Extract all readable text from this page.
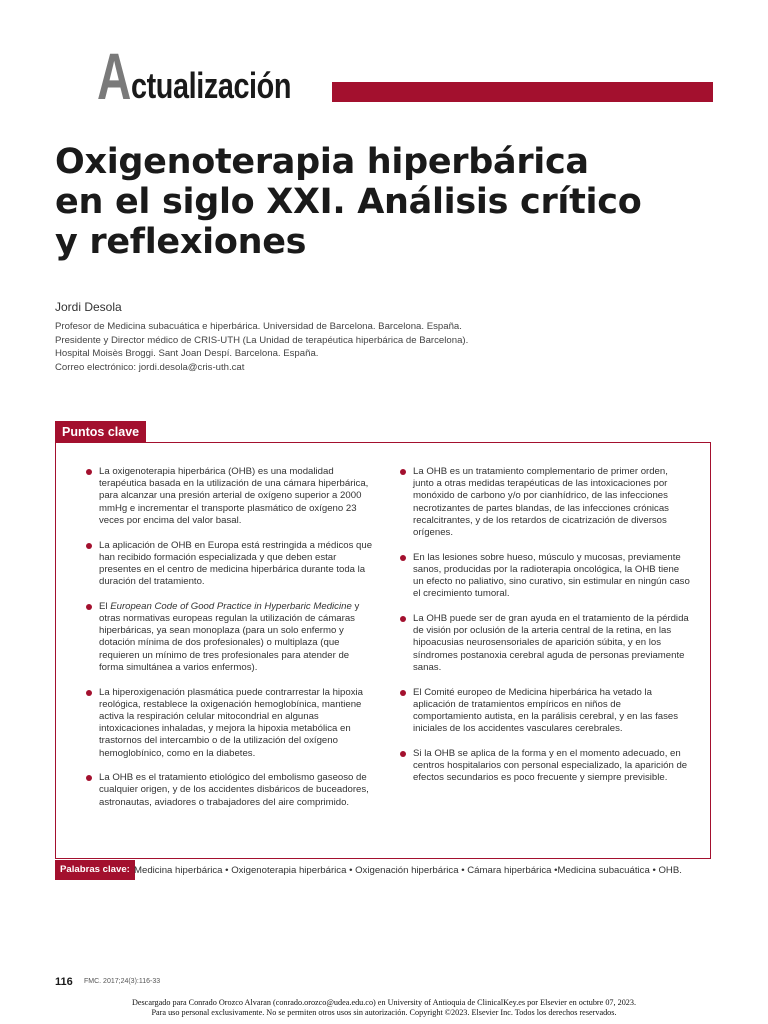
A ctualización
Oxigenoterapia hiperbárica
en el siglo XXI. Análisis crítico
y reflexiones
Jordi Desola
Profesor de Medicina subacuática e hiperbárica. Universidad de Barcelona. Barcelona. España.
Presidente y Director médico de CRIS-UTH (La Unidad de terapéutica hiperbárica de Barcelona).
Hospital Moisès Broggi. Sant Joan Despí. Barcelona. España.
Correo electrónico: jordi.desola@cris-uth.cat
Puntos clave
La oxigenoterapia hiperbárica (OHB) es una modalidad terapéutica basada en la utilización de una cámara hiperbárica, para alcanzar una presión arterial de oxígeno superior a 2000 mmHg e incrementar el transporte plasmático de oxígeno 23 veces por encima del valor basal.
La aplicación de OHB en Europa está restringida a médicos que han recibido formación especializada y que deben estar presentes en el centro de medicina hiperbárica durante toda la duración del tratamiento.
El European Code of Good Practice in Hyperbaric Medicine y otras normativas europeas regulan la utilización de cámaras hiperbáricas, ya sean monoplaza (para un solo enfermo y dotación mínima de dos profesionales) o multiplaza (que requieren un mínimo de tres profesionales para atender de forma simultánea a varios enfermos).
La hiperoxigenación plasmática puede contrarrestar la hipoxia reológica, restablece la oxigenación hemoglobínica, mantiene activa la respiración celular mitocondrial en algunas intoxicaciones inhaladas, y mejora la hipoxia metabólica en trastornos del intercambio o de la utilización del oxígeno hemoglobínico, como en la diabetes.
La OHB es el tratamiento etiológico del embolismo gaseoso de cualquier origen, y de los accidentes disbáricos de buceadores, astronautas, aviadores o trabajadores del aire comprimido.
La OHB es un tratamiento complementario de primer orden, junto a otras medidas terapéuticas de las intoxicaciones por monóxido de carbono y/o por cianhídrico, de las infecciones necrotizantes de partes blandas, de las infecciones crónicas recalcitrantes, y de los retardos de cicatrización de diversos orígenes.
En las lesiones sobre hueso, músculo y mucosas, previamente sanos, producidas por la radioterapia oncológica, la OHB tiene un efecto no paliativo, sino curativo, sin estimular en ningún caso el crecimiento tumoral.
La OHB puede ser de gran ayuda en el tratamiento de la pérdida de visión por oclusión de la arteria central de la retina, en las hipoacusias neurosensoriales de aparición súbita, y en los síndromes postanoxia cerebral aguda de personas previamente sanas.
El Comité europeo de Medicina hiperbárica ha vetado la aplicación de tratamientos empíricos en niños de comportamiento autista, en la parálisis cerebral, y en las fases iniciales de los accidentes vasculares cerebrales.
Si la OHB se aplica de la forma y en el momento adecuado, en centros hospitalarios con personal especializado, la aparición de efectos secundarios es poco frecuente y siempre previsible.
Palabras clave: Medicina hiperbárica • Oxigenoterapia hiperbárica • Oxigenación hiperbárica • Cámara hiperbárica •Medicina subacuática • OHB.
116 FMC. 2017;24(3):116-33
Descargado para Conrado Orozco Alvaran (conrado.orozco@udea.edu.co) en University of Antioquia de ClinicalKey.es por Elsevier en octubre 07, 2023.
Para uso personal exclusivamente. No se permiten otros usos sin autorización. Copyright ©2023. Elsevier Inc. Todos los derechos reservados.
